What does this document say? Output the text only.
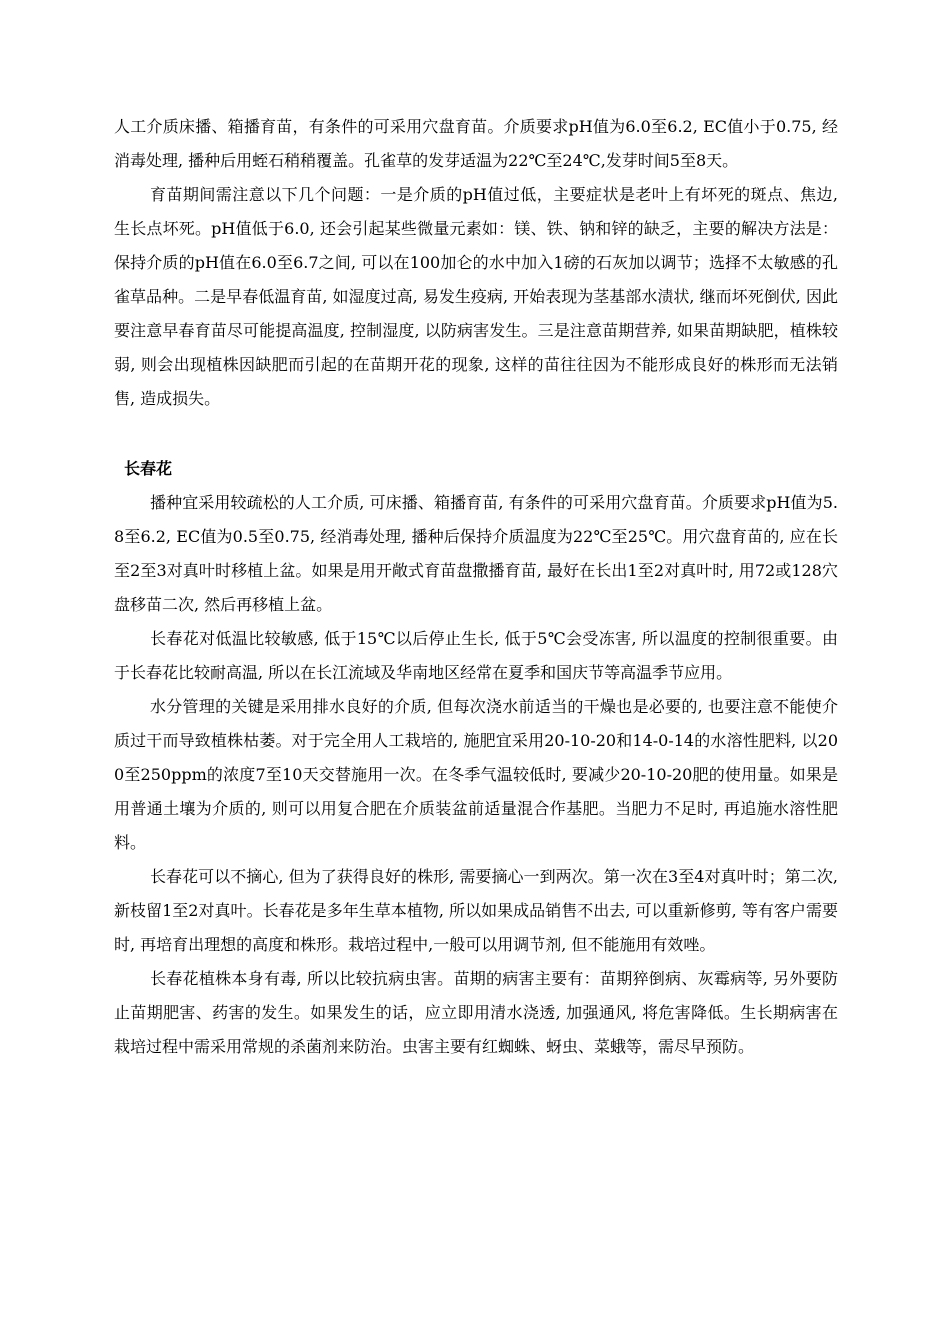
人工介质床播、箱播育苗，有条件的可采用穴盘育苗。介质要求pH值为6.0至6.2, EC值小于0.75, 经消毒处理, 播种后用蛭石稍稍覆盖。孔雀草的发芽适温为22℃至24℃,发芽时间5至8天。

育苗期间需注意以下几个问题：一是介质的pH值过低，主要症状是老叶上有坏死的斑点、焦边, 生长点坏死。pH值低于6.0, 还会引起某些微量元素如：镁、铁、钠和锌的缺乏，主要的解决方法是：保持介质的pH值在6.0至6.7之间, 可以在100加仑的水中加入1磅的石灰加以调节；选择不太敏感的孔雀草品种。二是早春低温育苗, 如湿度过高, 易发生疫病, 开始表现为茎基部水渍状, 继而坏死倒伏, 因此要注意早春育苗尽可能提高温度, 控制湿度, 以防病害发生。三是注意苗期营养, 如果苗期缺肥，植株较弱, 则会出现植株因缺肥而引起的在苗期开花的现象, 这样的苗往往因为不能形成良好的株形而无法销售, 造成损失。

长春花

播种宜采用较疏松的人工介质, 可床播、箱播育苗, 有条件的可采用穴盘育苗。介质要求pH值为5.8至6.2, EC值为0.5至0.75, 经消毒处理, 播种后保持介质温度为22℃至25℃。用穴盘育苗的, 应在长至2至3对真叶时移植上盆。如果是用开敞式育苗盘撒播育苗, 最好在长出1至2对真叶时, 用72或128穴盘移苗二次, 然后再移植上盆。

长春花对低温比较敏感, 低于15℃以后停止生长, 低于5℃会受冻害, 所以温度的控制很重要。由于长春花比较耐高温, 所以在长江流域及华南地区经常在夏季和国庆节等高温季节应用。

水分管理的关键是采用排水良好的介质, 但每次浇水前适当的干燥也是必要的, 也要注意不能使介质过干而导致植株枯萎。对于完全用人工栽培的, 施肥宜采用20-10-20和14-0-14的水溶性肥料, 以200至250ppm的浓度7至10天交替施用一次。在冬季气温较低时, 要减少20-10-20肥的使用量。如果是用普通土壤为介质的, 则可以用复合肥在介质装盆前适量混合作基肥。当肥力不足时, 再追施水溶性肥料。

长春花可以不摘心, 但为了获得良好的株形, 需要摘心一到两次。第一次在3至4对真叶时；第二次, 新枝留1至2对真叶。长春花是多年生草本植物, 所以如果成品销售不出去, 可以重新修剪, 等有客户需要时, 再培育出理想的高度和株形。栽培过程中,一般可以用调节剂, 但不能施用有效唑。

长春花植株本身有毒, 所以比较抗病虫害。苗期的病害主要有：苗期猝倒病、灰霉病等, 另外要防止苗期肥害、药害的发生。如果发生的话，应立即用清水浇透, 加强通风, 将危害降低。生长期病害在栽培过程中需采用常规的杀菌剂来防治。虫害主要有红蜘蛛、蚜虫、菜蛾等，需尽早预防。
